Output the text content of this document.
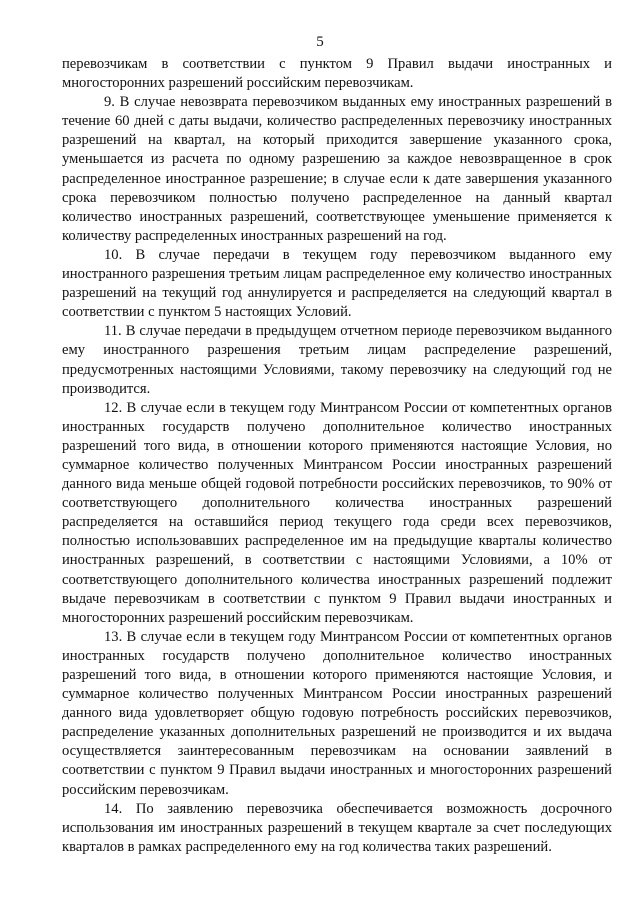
5

перевозчикам в соответствии с пунктом 9 Правил выдачи иностранных и многосторонних разрешений российским перевозчикам.

9. В случае невозврата перевозчиком выданных ему иностранных разрешений в течение 60 дней с даты выдачи, количество распределенных перевозчику иностранных разрешений на квартал, на который приходится завершение указанного срока, уменьшается из расчета по одному разрешению за каждое невозвращенное в срок распределенное иностранное разрешение; в случае если к дате завершения указанного срока перевозчиком полностью получено распределенное на данный квартал количество иностранных разрешений, соответствующее уменьшение применяется к количеству распределенных иностранных разрешений на год.

10. В случае передачи в текущем году перевозчиком выданного ему иностранного разрешения третьим лицам распределенное ему количество иностранных разрешений на текущий год аннулируется и распределяется на следующий квартал в соответствии с пунктом 5 настоящих Условий.

11. В случае передачи в предыдущем отчетном периоде перевозчиком выданного ему иностранного разрешения третьим лицам распределение разрешений, предусмотренных настоящими Условиями, такому перевозчику на следующий год не производится.

12. В случае если в текущем году Минтрансом России от компетентных органов иностранных государств получено дополнительное количество иностранных разрешений того вида, в отношении которого применяются настоящие Условия, но суммарное количество полученных Минтрансом России иностранных разрешений данного вида меньше общей годовой потребности российских перевозчиков, то 90% от соответствующего дополнительного количества иностранных разрешений распределяется на оставшийся период текущего года среди всех перевозчиков, полностью использовавших распределенное им на предыдущие кварталы количество иностранных разрешений, в соответствии с настоящими Условиями, а 10% от соответствующего дополнительного количества иностранных разрешений подлежит выдаче перевозчикам в соответствии с пунктом 9 Правил выдачи иностранных и многосторонних разрешений российским перевозчикам.

13. В случае если в текущем году Минтрансом России от компетентных органов иностранных государств получено дополнительное количество иностранных разрешений того вида, в отношении которого применяются настоящие Условия, и суммарное количество полученных Минтрансом России иностранных разрешений данного вида удовлетворяет общую годовую потребность российских перевозчиков, распределение указанных дополнительных разрешений не производится и их выдача осуществляется заинтересованным перевозчикам на основании заявлений в соответствии с пунктом 9 Правил выдачи иностранных и многосторонних разрешений российским перевозчикам.

14. По заявлению перевозчика обеспечивается возможность досрочного использования им иностранных разрешений в текущем квартале за счет последующих кварталов в рамках распределенного ему на год количества таких разрешений.
